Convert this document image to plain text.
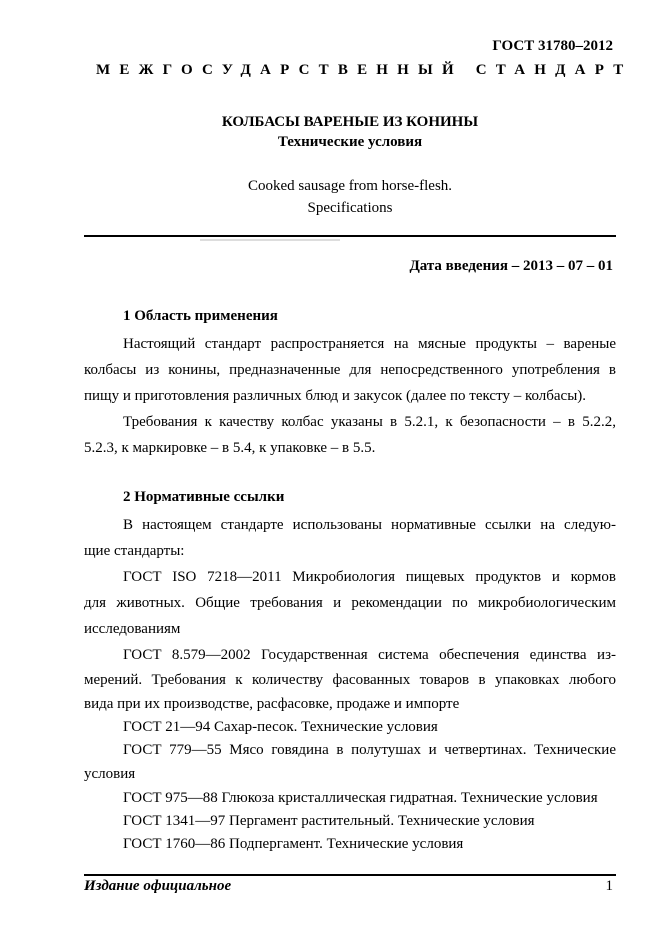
ГОСТ 31780–2012
МЕЖГОСУДАРСТВЕННЫЙ СТАНДАРТ
КОЛБАСЫ ВАРЕНЫЕ ИЗ КОНИНЫ
Технические условия
Cooked sausage from horse-flesh.
Specifications
Дата введения – 2013 – 07 – 01
1 Область применения
Настоящий стандарт распространяется на мясные продукты – вареные
колбасы из конины, предназначенные для непосредственного употребления в
пищу и приготовления различных блюд и закусок (далее по тексту – колбасы).
Требования к качеству колбас указаны в 5.2.1, к безопасности – в 5.2.2,
5.2.3, к маркировке – в 5.4, к упаковке – в 5.5.
2 Нормативные ссылки
В настоящем стандарте использованы нормативные ссылки на следую-
щие стандарты:
ГОСТ ISO 7218—2011 Микробиология пищевых продуктов и кормов
для животных. Общие требования и рекомендации по микробиологическим
исследованиям
ГОСТ 8.579—2002 Государственная система обеспечения единства из-
мерений. Требования к количеству фасованных товаров в упаковках любого
вида при их производстве, расфасовке, продаже и импорте
ГОСТ 21—94 Сахар-песок. Технические условия
ГОСТ 779—55 Мясо говядина в полутушах и четвертинах. Технические
условия
ГОСТ 975—88 Глюкоза кристаллическая гидратная. Технические условия
ГОСТ 1341—97 Пергамент растительный. Технические условия
ГОСТ 1760—86 Подпергамент. Технические условия
Издание официальное	1
